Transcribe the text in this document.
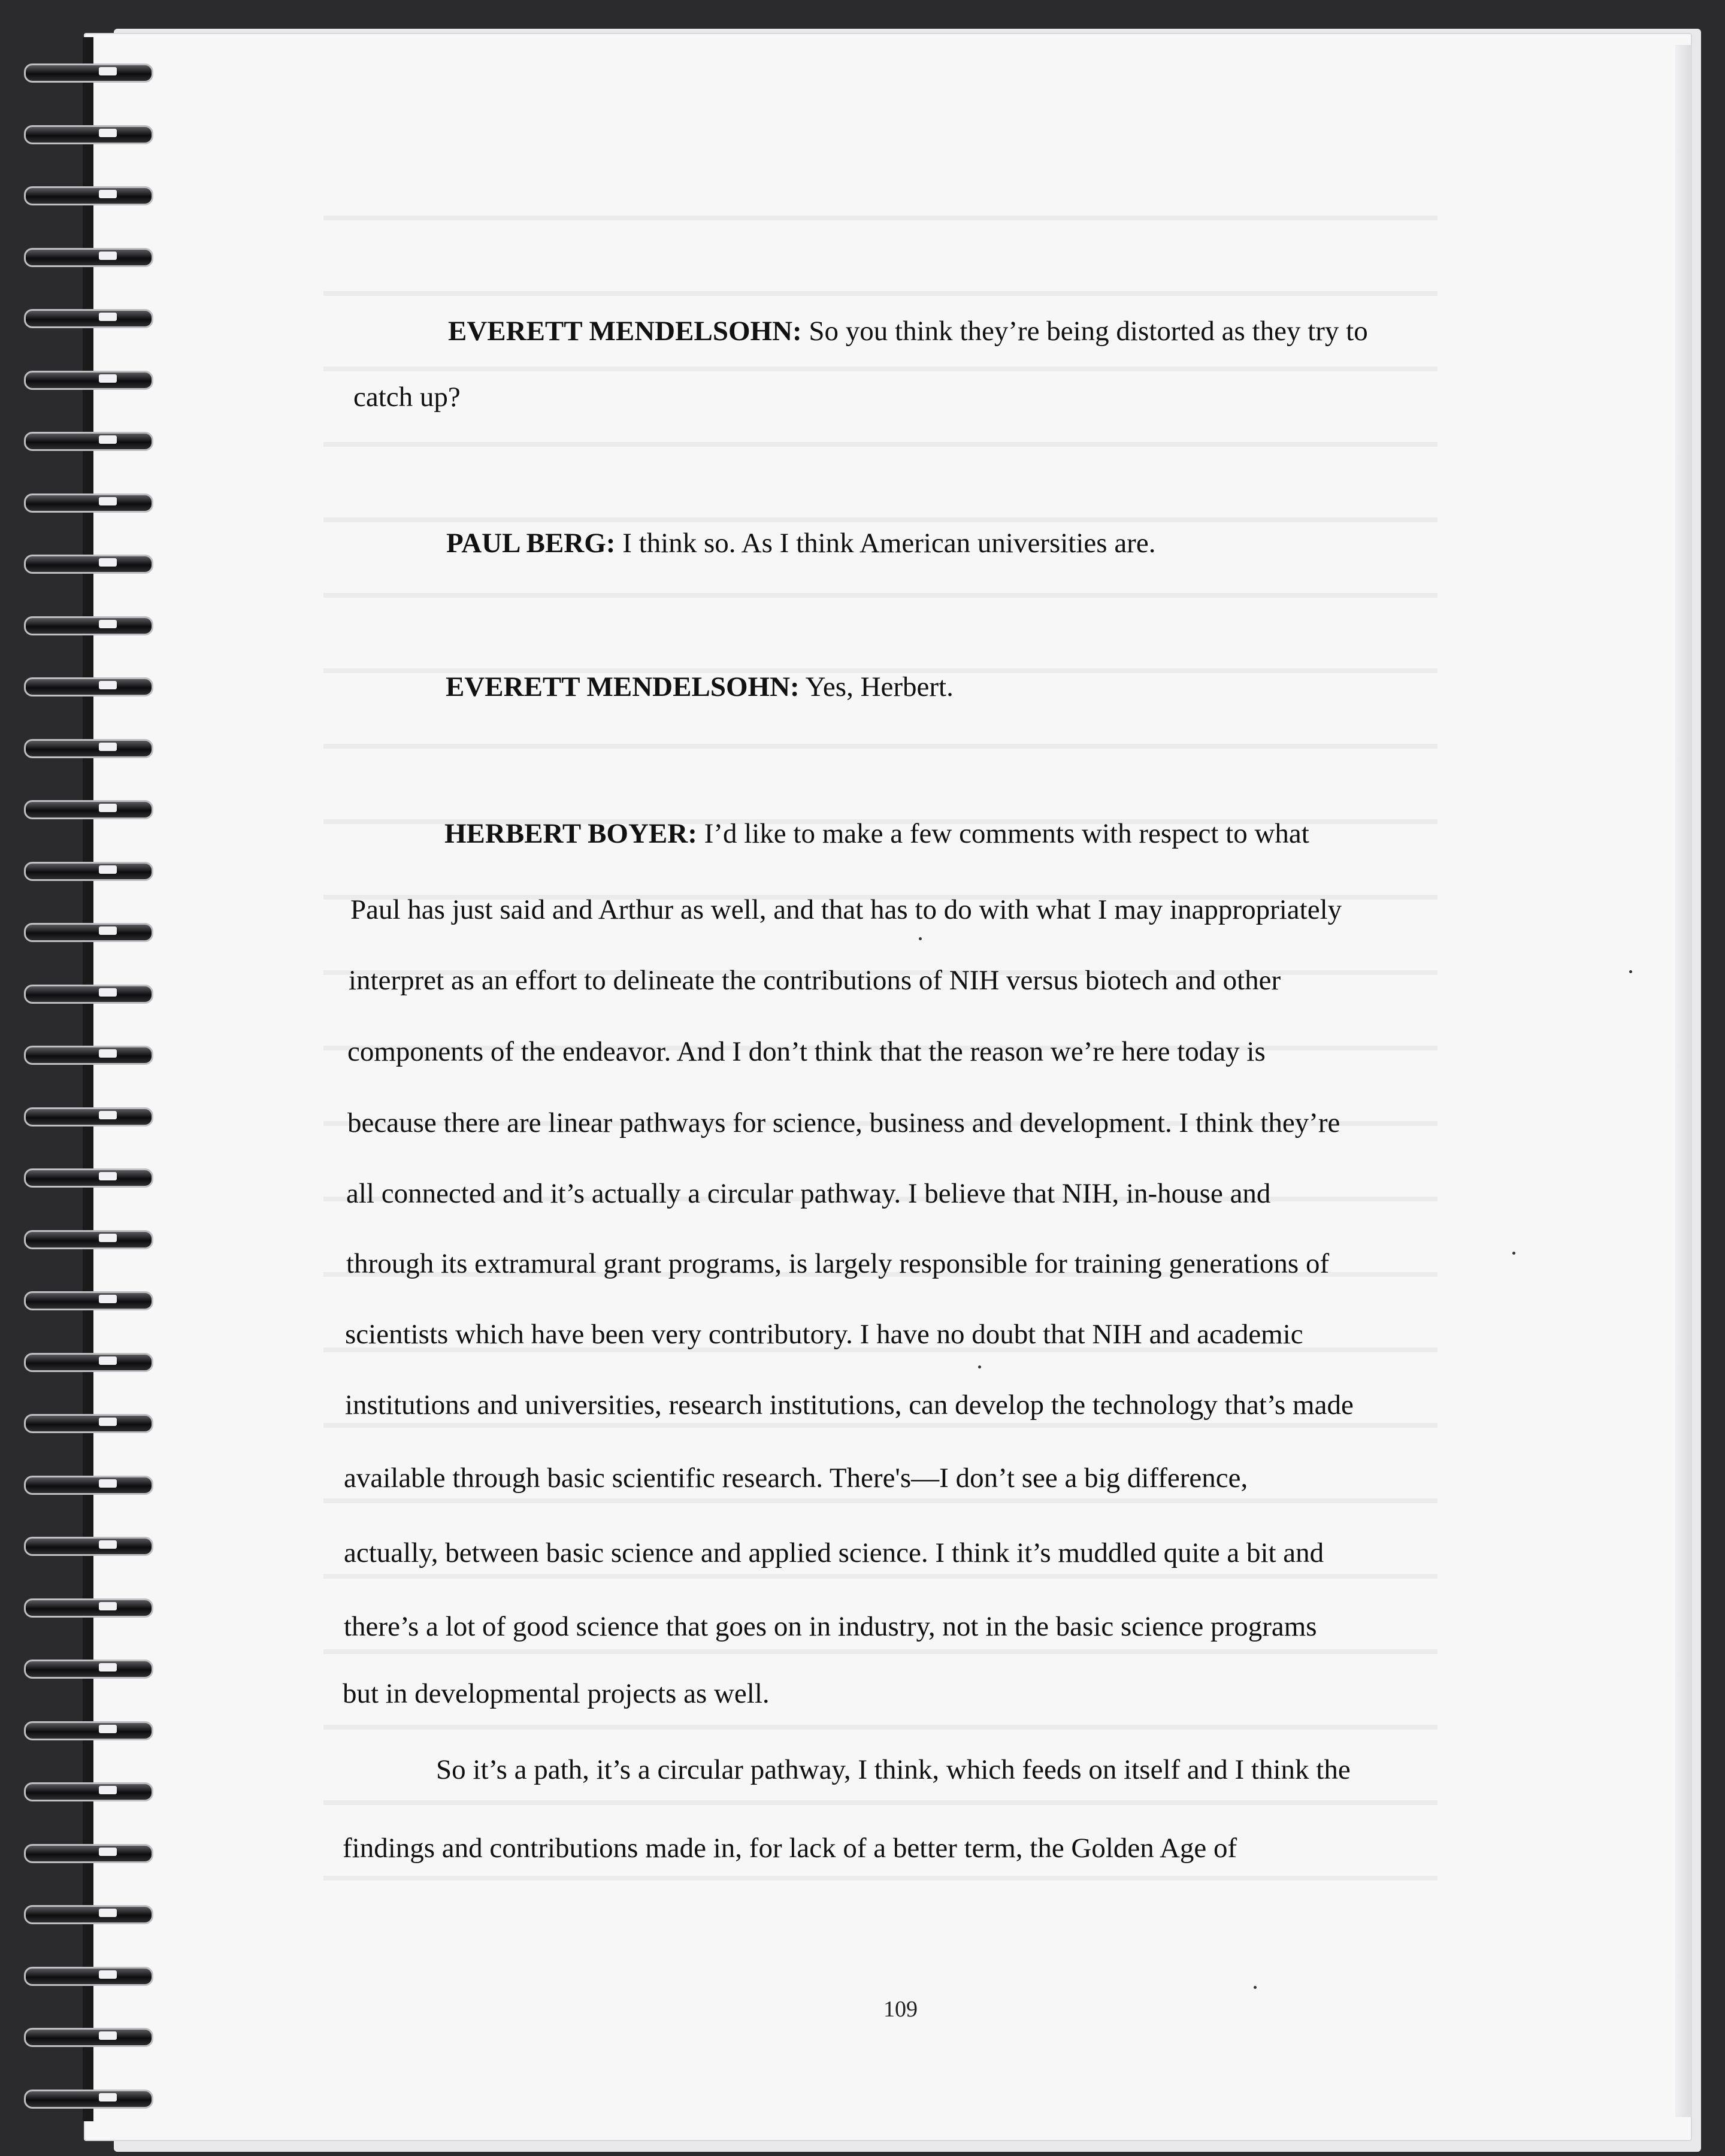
EVERETT MENDELSOHN: So you think they’re being distorted as they try to
catch up?
PAUL BERG: I think so. As I think American universities are.
EVERETT MENDELSOHN: Yes, Herbert.
HERBERT BOYER: I’d like to make a few comments with respect to what
Paul has just said and Arthur as well, and that has to do with what I may inappropriately
interpret as an effort to delineate the contributions of NIH versus biotech and other
components of the endeavor. And I don’t think that the reason we’re here today is
because there are linear pathways for science, business and development. I think they’re
all connected and it’s actually a circular pathway. I believe that NIH, in-house and
through its extramural grant programs, is largely responsible for training generations of
scientists which have been very contributory. I have no doubt that NIH and academic
institutions and universities, research institutions, can develop the technology that’s made
available through basic scientific research. There's—I don’t see a big difference,
actually, between basic science and applied science. I think it’s muddled quite a bit and
there’s a lot of good science that goes on in industry, not in the basic science programs
but in developmental projects as well.
So it’s a path, it’s a circular pathway, I think, which feeds on itself and I think the
findings and contributions made in, for lack of a better term, the Golden Age of
109
